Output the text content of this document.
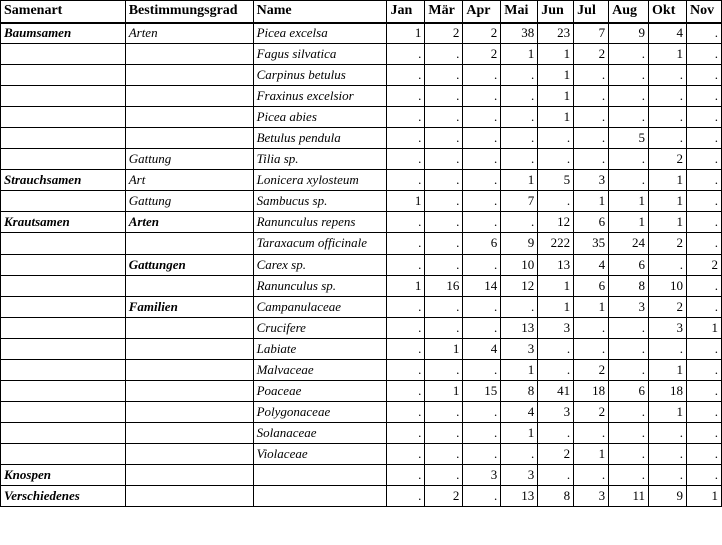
Samenart	Bestimmungsgrad	Name	Jan	Mär	Apr	Mai	Jun	Jul	Aug	Okt	Nov
Baumsamen	Arten	Picea excelsa	1	2	2	38	23	7	9	4	.
		Fagus silvatica	.	.	2	1	1	2	.	1	.
		Carpinus betulus	.	.	.	.	1	.	.	.	.
		Fraxinus excelsior	.	.	.	.	1	.	.	.	.
		Picea abies	.	.	.	.	1	.	.	.	.
		Betulus pendula	.	.	.	.	.	.	5	.	.
	Gattung	Tilia sp.	.	.	.	.	.	.	.	2	.
Strauchsamen	Art	Lonicera xylosteum	.	.	.	1	5	3	.	1	.
	Gattung	Sambucus sp.	1	.	.	7	.	1	1	1	.
Krautsamen	Arten	Ranunculus repens	.	.	.	.	12	6	1	1	.
		Taraxacum officinale	.	.	6	9	222	35	24	2	.
	Gattungen	Carex sp.	.	.	.	10	13	4	6	.	2
		Ranunculus sp.	1	16	14	12	1	6	8	10	.
	Familien	Campanulaceae	.	.	.	.	1	1	3	2	.
		Crucifere	.	.	.	13	3	.	.	3	1
		Labiate	.	1	4	3	.	.	.	.	.
		Malvaceae	.	.	.	1	.	2	.	1	.
		Poaceae	.	1	15	8	41	18	6	18	.
		Polygonaceae	.	.	.	4	3	2	.	1	.
		Solanaceae	.	.	.	1	.	.	.	.	.
		Violaceae	.	.	.	.	2	1	.	.	.
Knospen			.	.	3	3	.	.	.	.	.
Verschiedenes			.	2	.	13	8	3	11	9	1
